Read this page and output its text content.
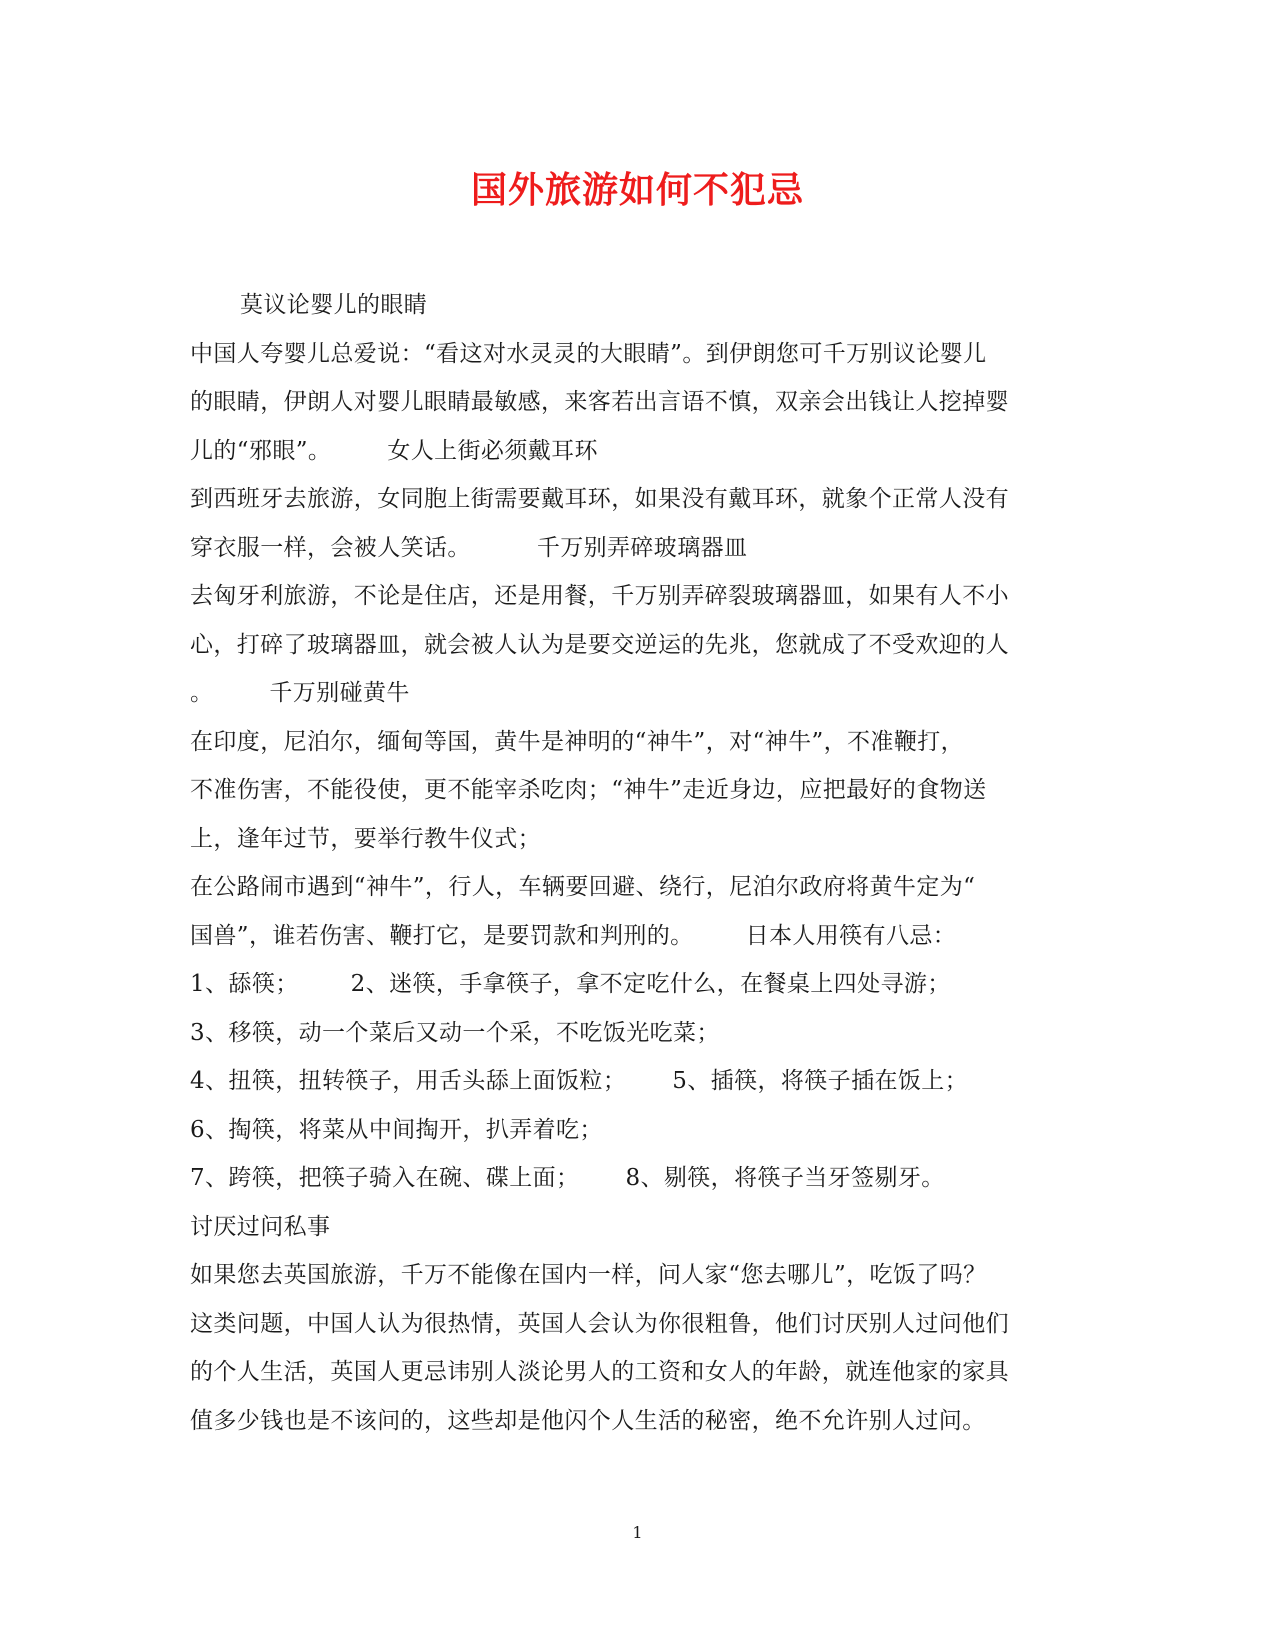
国外旅游如何不犯忌
莫议论婴儿的眼睛
中国人夸婴儿总爱说：“看这对水灵灵的大眼睛”。到伊朗您可千万别议论婴儿
的眼睛，伊朗人对婴儿眼睛最敏感，来客若出言语不慎，双亲会出钱让人挖掉婴
儿的“邪眼”。 女人上街必须戴耳环
到西班牙去旅游，女同胞上街需要戴耳环，如果没有戴耳环，就象个正常人没有
穿衣服一样，会被人笑话。	千万别弄碎玻璃器皿
去匈牙利旅游，不论是住店，还是用餐，千万别弄碎裂玻璃器皿，如果有人不小
心，打碎了玻璃器皿，就会被人认为是要交逆运的先兆，您就成了不受欢迎的人
。 千万别碰黄牛
在印度，尼泊尔，缅甸等国，黄牛是神明的“神牛”，对“神牛”，不准鞭打，
不准伤害，不能役使，更不能宰杀吃肉；“神牛”走近身边，应把最好的食物送
上，逢年过节，要举行教牛仪式；
在公路闹市遇到“神牛”，行人，车辆要回避、绕行，尼泊尔政府将黄牛定为“
国兽”，谁若伤害、鞭打它，是要罚款和判刑的。 日本人用筷有八忌：
1、舔筷； 2、迷筷，手拿筷子，拿不定吃什么，在餐桌上四处寻游；
3、移筷，动一个菜后又动一个采，不吃饭光吃菜；
4、扭筷，扭转筷子，用舌头舔上面饭粒； 5、插筷，将筷子插在饭上；
6、掏筷，将菜从中间掏开，扒弄着吃；
7、跨筷，把筷子骑入在碗、碟上面； 8、剔筷，将筷子当牙签剔牙。
讨厌过问私事
如果您去英国旅游，千万不能像在国内一样，问人家“您去哪儿”，吃饭了吗？
这类问题，中国人认为很热情，英国人会认为你很粗鲁，他们讨厌别人过问他们
的个人生活，英国人更忌讳别人淡论男人的工资和女人的年龄，就连他家的家具
值多少钱也是不该问的，这些却是他闪个人生活的秘密，绝不允许别人过问。
1
